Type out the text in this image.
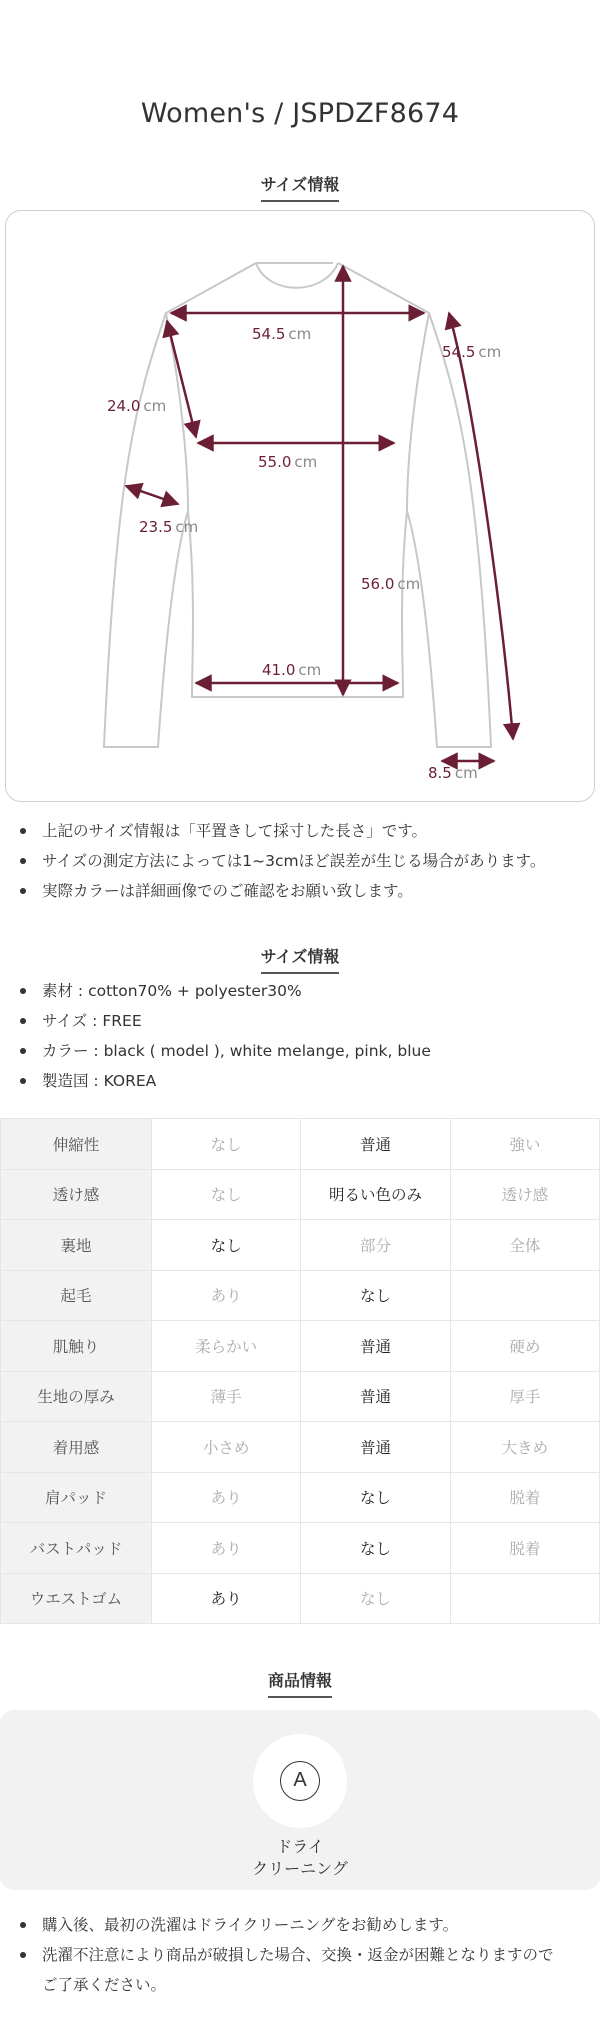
Women's / JSPDZF8674
サイズ情報
54.5 cm
54.5 cm
24.0 cm
55.0 cm
23.5 cm
56.0 cm
41.0 cm
8.5 cm
上記のサイズ情報は「平置きして採寸した長さ」です。
サイズの測定方法によっては1~3cmほど誤差が生じる場合があります。
実際カラーは詳細画像でのご確認をお願い致します。
サイズ情報
素材 : cotton70% + polyester30%
サイズ : FREE
カラー : black ( model ), white melange, pink, blue
製造国 : KOREA
伸縮性	なし	普通	強い
透け感	なし	明るい色のみ	透け感
裏地	なし	部分	全体
起毛	あり	なし	
肌触り	柔らかい	普通	硬め
生地の厚み	薄手	普通	厚手
着用感	小さめ	普通	大きめ
肩パッド	あり	なし	脱着
バストパッド	あり	なし	脱着
ウエストゴム	あり	なし	
商品情報
A
ドライ
クリーニング
購入後、最初の洗濯はドライクリーニングをお勧めします。
洗濯不注意により商品が破損した場合、交換・返金が困難となりますので
ご了承ください。
